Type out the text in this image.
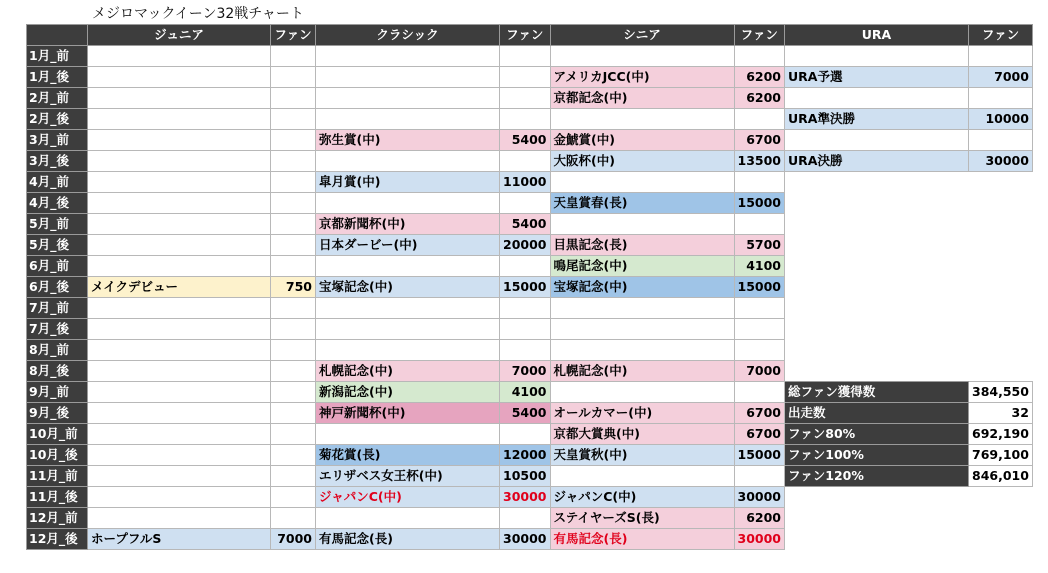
メジロマックイーン32戦チャート
	ジュニア	ファン	クラシック	ファン	シニア	ファン	URA	ファン
1月_前								
1月_後					アメリカJCC(中)	6200	URA予選	7000
2月_前					京都記念(中)	6200		
2月_後							URA準決勝	10000
3月_前			弥生賞(中)	5400	金鯱賞(中)	6700		
3月_後					大阪杯(中)	13500	URA決勝	30000
4月_前			皐月賞(中)	11000				
4月_後					天皇賞春(長)	15000		
5月_前			京都新聞杯(中)	5400				
5月_後			日本ダービー(中)	20000	目黒記念(長)	5700		
6月_前					鳴尾記念(中)	4100		
6月_後	メイクデビュー	750	宝塚記念(中)	15000	宝塚記念(中)	15000		
7月_前								
7月_後								
8月_前								
8月_後			札幌記念(中)	7000	札幌記念(中)	7000		
9月_前			新潟記念(中)	4100			総ファン獲得数	384,550
9月_後			神戸新聞杯(中)	5400	オールカマー(中)	6700	出走数	32
10月_前					京都大賞典(中)	6700	ファン80%	692,190
10月_後			菊花賞(長)	12000	天皇賞秋(中)	15000	ファン100%	769,100
11月_前			エリザベス女王杯(中)	10500			ファン120%	846,010
11月_後			ジャパンC(中)	30000	ジャパンC(中)	30000		
12月_前					ステイヤーズS(長)	6200		
12月_後	ホープフルS	7000	有馬記念(長)	30000	有馬記念(長)	30000		
